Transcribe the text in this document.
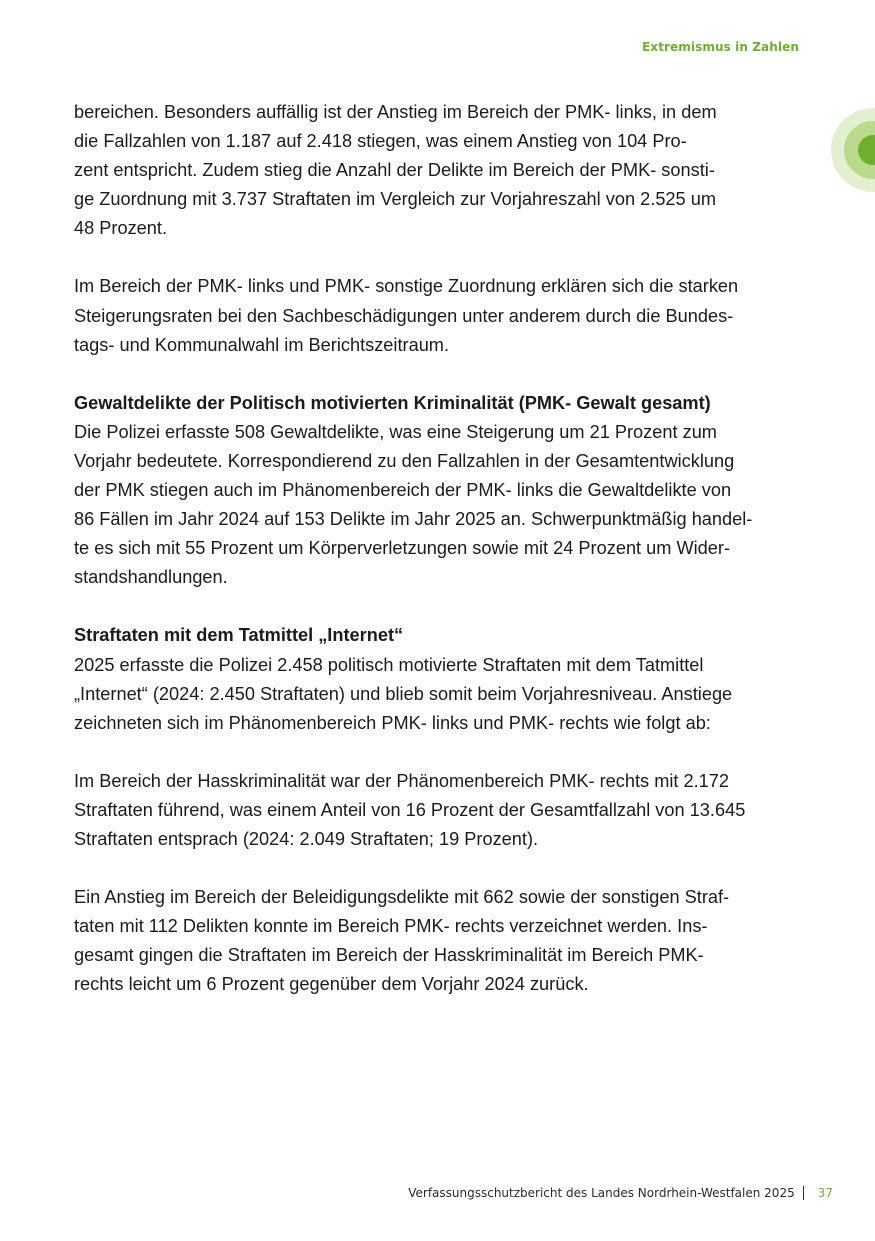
Extremismus in Zahlen

bereichen. Besonders auffällig ist der Anstieg im Bereich der PMK- links, in dem
die Fallzahlen von 1.187 auf 2.418 stiegen, was einem Anstieg von 104 Pro-
zent entspricht. Zudem stieg die Anzahl der Delikte im Bereich der PMK- sonsti-
ge Zuordnung mit 3.737 Straftaten im Vergleich zur Vorjahreszahl von 2.525 um
48 Prozent.

Im Bereich der PMK- links und PMK- sonstige Zuordnung erklären sich die starken
Steigerungsraten bei den Sachbeschädigungen unter anderem durch die Bundes-
tags- und Kommunalwahl im Berichtszeitraum.

Gewaltdelikte der Politisch motivierten Kriminalität (PMK- Gewalt gesamt)
Die Polizei erfasste 508 Gewaltdelikte, was eine Steigerung um 21 Prozent zum
Vorjahr bedeutete. Korrespondierend zu den Fallzahlen in der Gesamtentwicklung
der PMK stiegen auch im Phänomenbereich der PMK- links die Gewaltdelikte von
86 Fällen im Jahr 2024 auf 153 Delikte im Jahr 2025 an. Schwerpunktmäßig handel-
te es sich mit 55 Prozent um Körperverletzungen sowie mit 24 Prozent um Wider-
standshandlungen.

Straftaten mit dem Tatmittel „Internet“
2025 erfasste die Polizei 2.458 politisch motivierte Straftaten mit dem Tatmittel
„Internet“ (2024: 2.450 Straftaten) und blieb somit beim Vorjahresniveau. Anstiege
zeichneten sich im Phänomenbereich PMK- links und PMK- rechts wie folgt ab:

Im Bereich der Hasskriminalität war der Phänomenbereich PMK- rechts mit 2.172
Straftaten führend, was einem Anteil von 16 Prozent der Gesamtfallzahl von 13.645
Straftaten entsprach (2024: 2.049 Straftaten; 19 Prozent).

Ein Anstieg im Bereich der Beleidigungsdelikte mit 662 sowie der sonstigen Straf-
taten mit 112 Delikten konnte im Bereich PMK- rechts verzeichnet werden. Ins-
gesamt gingen die Straftaten im Bereich der Hasskriminalität im Bereich PMK-
rechts leicht um 6 Prozent gegenüber dem Vorjahr 2024 zurück.

Verfassungsschutzbericht des Landes Nordrhein-Westfalen 2025 37
